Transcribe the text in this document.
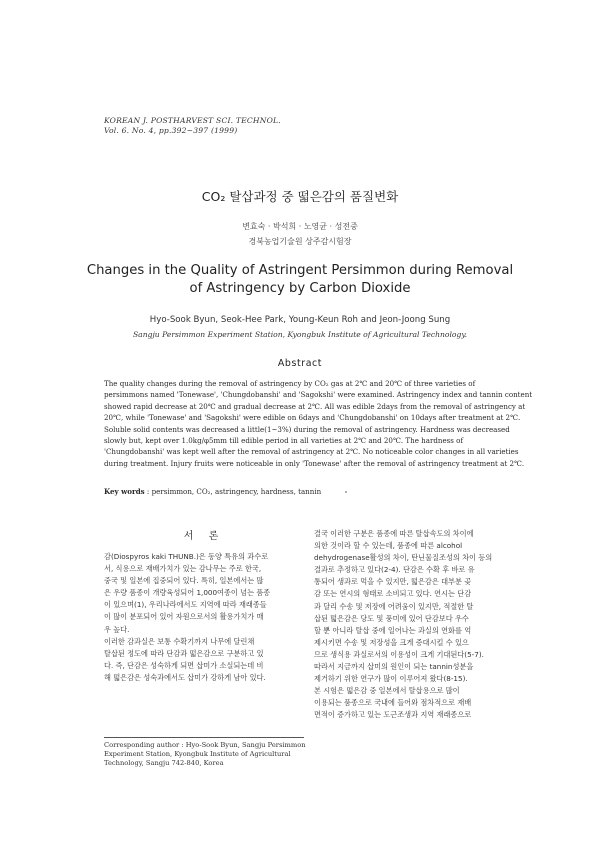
KOREAN J. POSTHARVEST SCI. TECHNOL.
Vol. 6. No. 4, pp.392~397 (1999)
CO₂ 탈삽과정 중 떫은감의 품질변화
변효숙 · 박석희 · 노영균 · 성전중
경북농업기술원 상주감시험장
Changes in the Quality of Astringent Persimmon during Removal
of Astringency by Carbon Dioxide
Hyo-Sook Byun, Seok-Hee Park, Young-Keun Roh and Jeon-Joong Sung
Sangju Persimmon Experiment Station, Kyongbuk Institute of Agricultural Technology.
Abstract
The quality changes during the removal of astringency by CO₂ gas at 2℃ and 20℃ of three varieties of
persimmons named 'Tonewase', 'Chungdobanshi' and 'Sagokshi' were examined. Astringency index and tannin content
showed rapid decrease at 20℃ and gradual decrease at 2℃. All was edible 2days from the removal of astringency at
20℃, while 'Tonewase' and 'Sagokshi' were edible on 6days and 'Chungdobanshi' on 10days after treatment at 2℃.
Soluble solid contents was decreased a little(1~3%) during the removal of astringency. Hardness was decreased
slowly but, kept over 1.0kg/φ5mm till edible period in all varieties at 2℃ and 20℃. The hardness of
'Chungdobanshi' was kept well after the removal of astringency at 2℃. No noticeable color changes in all varieties
during treatment. Injury fruits were noticeable in only 'Tonewase' after the removal of astringency treatment at 2℃.
Key words : persimmon, CO₂, astringency, hardness, tannin
서 론
감(Diospyros kaki THUNB.)은 동양 특유의 과수로
서, 식용으로 재배가치가 있는 감나무는 주로 한국,
중국 및 일본에 집중되어 있다. 특히, 일본에서는 많
은 우량 품종이 개량육성되어 1,000여종이 넘는 품종
이 있으며(1), 우리나라에서도 지역에 따라 재래종들
이 많이 분포되어 있어 자원으로서의 활용가치가 매
우 높다.
이러한 감과실은 보통 수확기까지 나무에 달린채
탈삽된 정도에 따라 단감과 떫은감으로 구분하고 있
다. 즉, 단감은 성숙하게 되면 삽미가 소실되는데 비
해 떫은감은 성숙과에서도 삽미가 강하게 남아 있다.
결국 이러한 구분은 품종에 따른 탈삽속도의 차이에
의한 것이라 할 수 있는데, 품종에 따른 alcohol
dehydrogenase활성의 차이, 탄닌물질조성의 차이 등의
결과로 추정하고 있다(2-4). 단감은 수확 후 바로 유
통되어 생과로 먹을 수 있지만, 떫은감은 대부분 곶
감 또는 연시의 형태로 소비되고 있다. 연시는 단감
과 달리 수송 및 저장에 어려움이 있지만, 적절한 탈
삽된 떫은감은 당도 및 풍미에 있어 단감보다 우수
할 뿐 아니라 탈삽 중에 일어나는 과실의 연화를 억
제시키면 수송 및 저장성을 크게 증대시킬 수 있으
므로 생식용 과실로서의 이용성이 크게 기대된다(5-7).
따라서 지금까지 삽미의 원인이 되는 tannin성분을
제거하기 위한 연구가 많이 이루어져 왔다(8-15).
본 시험은 떫은감 중 일본에서 탈삽용으로 많이
이용되는 품종으로 국내에 들어와 점차적으로 재배
면적이 증가하고 있는 도근조생과 지역 재래종으로
Corresponding author : Hyo-Sook Byun, Sangju Persimmon
Experiment Station, Kyongbuk Institute of Agricultural
Technology, Sangju 742-840, Korea
